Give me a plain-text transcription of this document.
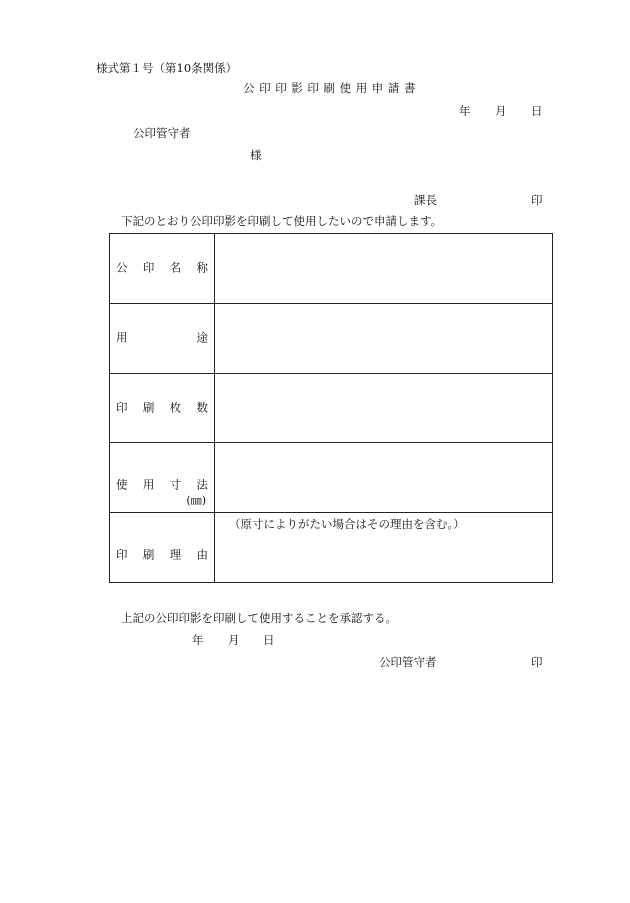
様式第１号（第10条関係）
公印印影印刷使用申請書
年 月 日
公印管守者
様
課長	印
下記のとおり公印印影を印刷して使用したいので申請します。
公 印 名 称	

用 途	

印 刷 枚 数	

使 用 寸 法
(㎜)	

印 刷 理 由	（原寸によりがたい場合はその理由を含む。）
上記の公印印影を印刷して使用することを承認する。
年 月 日
公印管守者	印
